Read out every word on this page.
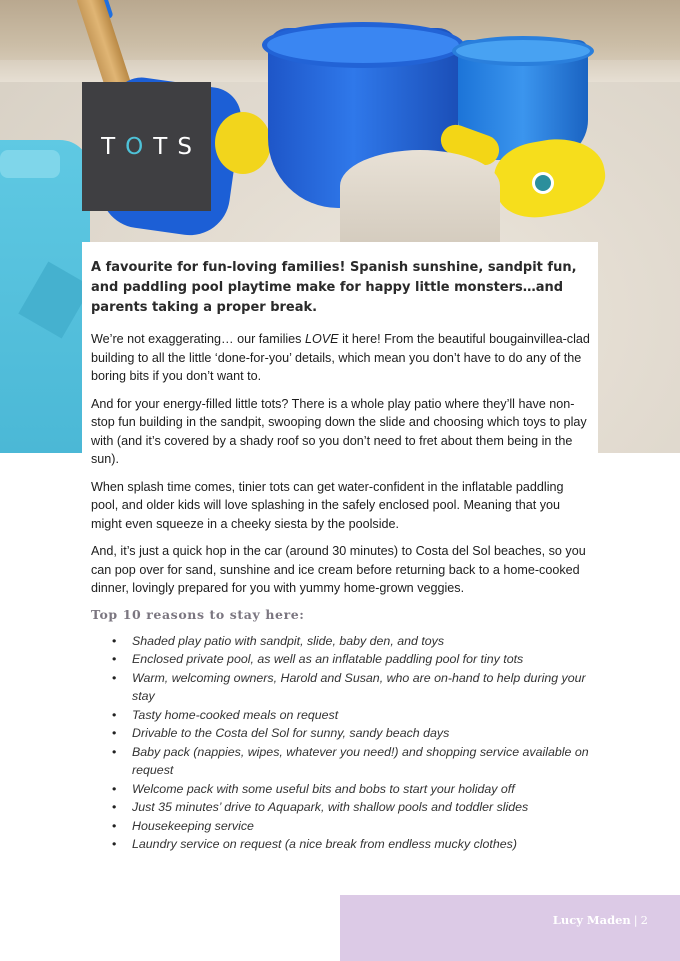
TOTS

A favourite for fun-loving families! Spanish sunshine, sandpit fun, and paddling pool playtime make for happy little monsters…and parents taking a proper break.

We’re not exaggerating… our families LOVE it here! From the beautiful bougainvillea-clad building to all the little ‘done-for-you’ details, which mean you don’t have to do any of the boring bits if you don’t want to.

And for your energy-filled little tots? There is a whole play patio where they’ll have non-stop fun building in the sandpit, swooping down the slide and choosing which toys to play with (and it’s covered by a shady roof so you don’t need to fret about them being in the sun).

When splash time comes, tinier tots can get water-confident in the inflatable paddling pool, and older kids will love splashing in the safely enclosed pool. Meaning that you might even squeeze in a cheeky siesta by the poolside.

And, it’s just a quick hop in the car (around 30 minutes) to Costa del Sol beaches, so you can pop over for sand, sunshine and ice cream before returning back to a home-cooked dinner, lovingly prepared for you with yummy home-grown veggies.

Top 10 reasons to stay here:
• Shaded play patio with sandpit, slide, baby den, and toys
• Enclosed private pool, as well as an inflatable paddling pool for tiny tots
• Warm, welcoming owners, Harold and Susan, who are on-hand to help during your stay
• Tasty home-cooked meals on request
• Drivable to the Costa del Sol for sunny, sandy beach days
• Baby pack (nappies, wipes, whatever you need!) and shopping service available on request
• Welcome pack with some useful bits and bobs to start your holiday off
• Just 35 minutes’ drive to Aquapark, with shallow pools and toddler slides
• Housekeeping service
• Laundry service on request (a nice break from endless mucky clothes)
Lucy Maden | 2
